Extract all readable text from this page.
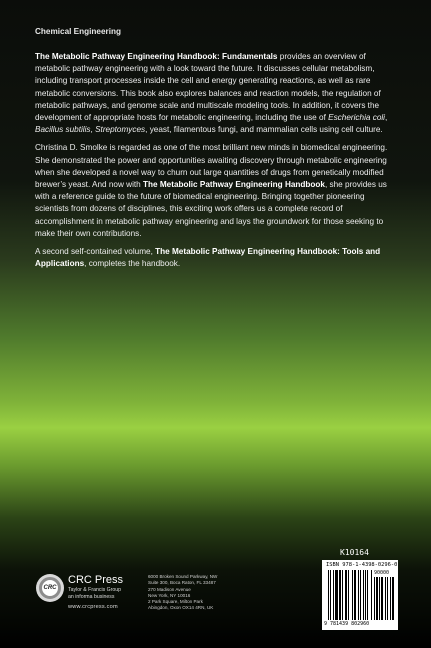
Chemical Engineering

The Metabolic Pathway Engineering Handbook: Fundamentals provides an overview of metabolic pathway engineering with a look toward the future. It discusses cellular metabolism, including transport processes inside the cell and energy generating reactions, as well as rare metabolic conversions. This book also explores balances and reaction models, the regulation of metabolic pathways, and genome scale and multiscale modeling tools. In addition, it covers the development of appropriate hosts for metabolic engineering, including the use of Escherichia coli, Bacillus subtilis, Streptomyces, yeast, filamentous fungi, and mammalian cells using cell culture.

Christina D. Smolke is regarded as one of the most brilliant new minds in biomedical engineering. She demonstrated the power and opportunities awaiting discovery through metabolic engineering when she developed a novel way to churn out large quantities of drugs from genetically modified brewer’s yeast. And now with The Metabolic Pathway Engineering Handbook, she provides us with a reference guide to the future of biomedical engineering. Bringing together pioneering scientists from dozens of disciplines, this exciting work offers us a complete record of accomplishment in metabolic pathway engineering and lays the groundwork for those seeking to make their own contributions.

A second self-contained volume, The Metabolic Pathway Engineering Handbook: Tools and Applications, completes the handbook.

CRC
CRC Press
Taylor & Francis Group
an informa business
www.crcpress.com
6000 Broken Sound Parkway, NW
Suite 300, Boca Raton, FL 33487
270 Madison Avenue
New York, NY 10016
2 Park Square, Milton Park
Abingdon, Oxon OX14 4RN, UK
K10164
ISBN 978-1-4398-0296-0
90000
9 781439 802960
